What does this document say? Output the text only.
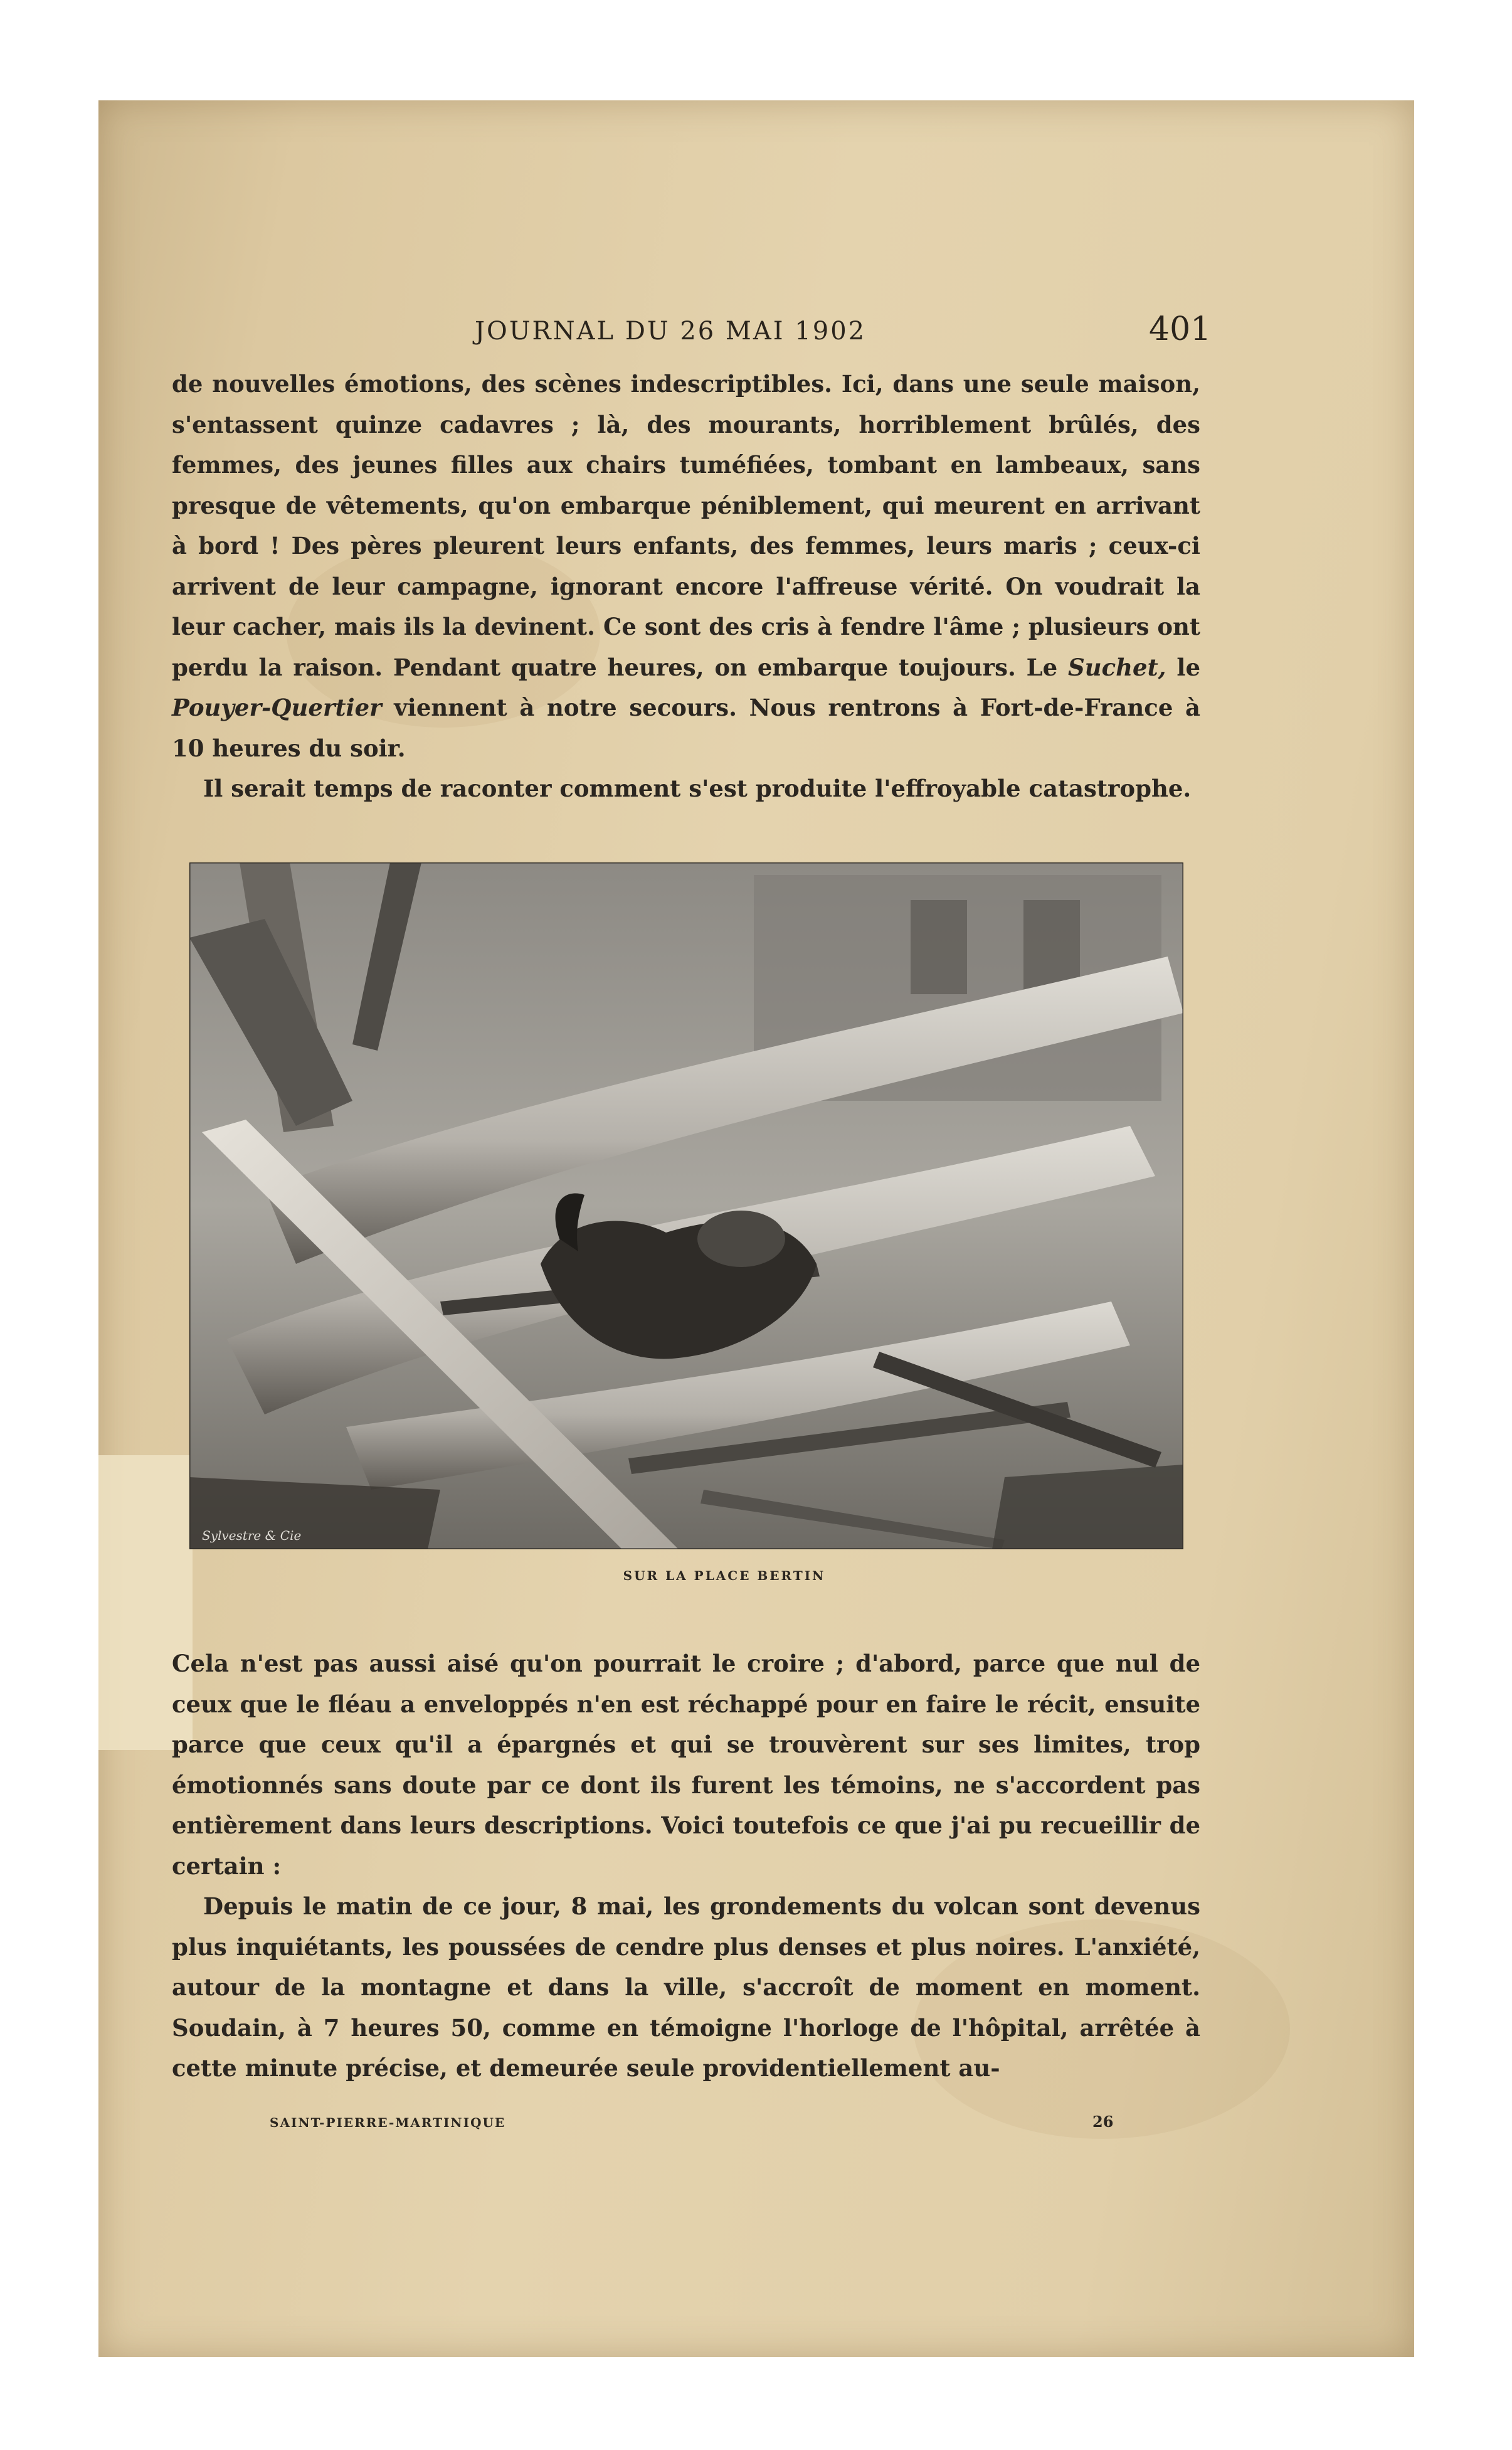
JOURNAL DU 26 MAI 1902	401

de nouvelles émotions, des scènes indescriptibles. Ici, dans une seule maison, s'entassent quinze cadavres ; là, des mourants, horriblement brûlés, des femmes, des jeunes filles aux chairs tuméfiées, tombant en lambeaux, sans presque de vêtements, qu'on embarque péniblement, qui meurent en arrivant à bord ! Des pères pleurent leurs enfants, des femmes, leurs maris ; ceux-ci arrivent de leur campagne, ignorant encore l'affreuse vérité. On voudrait la leur cacher, mais ils la devinent. Ce sont des cris à fendre l'âme ; plusieurs ont perdu la raison. Pendant quatre heures, on embarque toujours. Le Suchet, le Pouyer-Quertier viennent à notre secours. Nous rentrons à Fort-de-France à 10 heures du soir.

Il serait temps de raconter comment s'est produite l'effroyable catastrophe.

Sylvestre & Cie
SUR LA PLACE BERTIN

Cela n'est pas aussi aisé qu'on pourrait le croire ; d'abord, parce que nul de ceux que le fléau a enveloppés n'en est réchappé pour en faire le récit, ensuite parce que ceux qu'il a épargnés et qui se trouvèrent sur ses limites, trop émotionnés sans doute par ce dont ils furent les témoins, ne s'accordent pas entièrement dans leurs descriptions. Voici toutefois ce que j'ai pu recueillir de certain :

Depuis le matin de ce jour, 8 mai, les grondements du volcan sont devenus plus inquiétants, les poussées de cendre plus denses et plus noires. L'anxiété, autour de la montagne et dans la ville, s'accroît de moment en moment. Soudain, à 7 heures 50, comme en témoigne l'horloge de l'hôpital, arrêtée à cette minute précise, et demeurée seule providentiellement au-

SAINT-PIERRE-MARTINIQUE	26
